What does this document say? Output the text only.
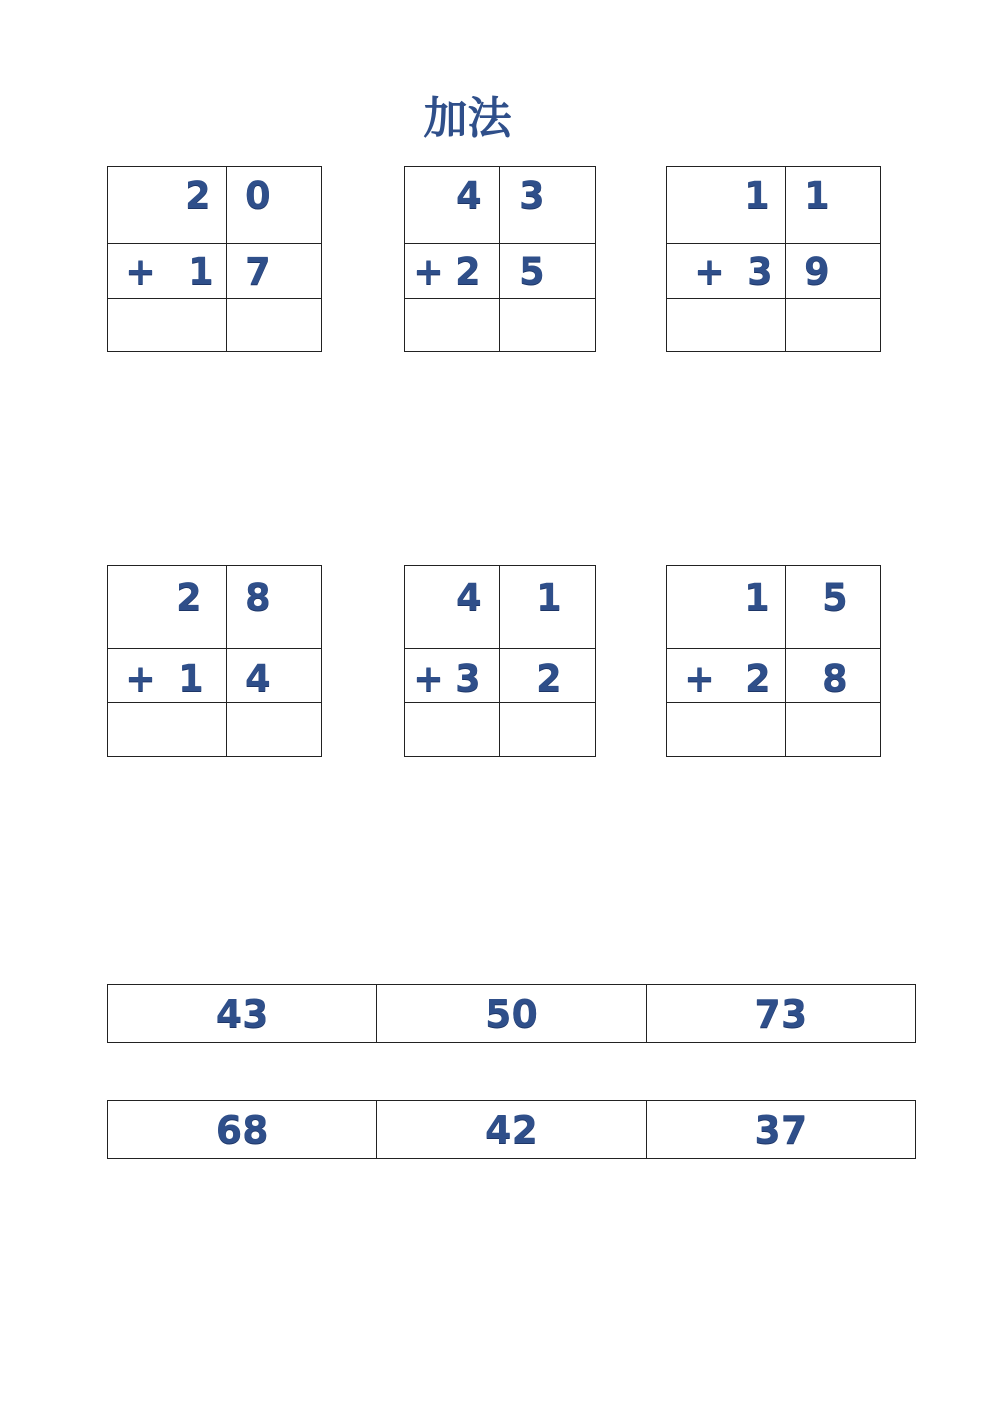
加法
2 0
+ 1 7
4 3
+ 2 5
1 1
+ 3 9
2 8
+ 1 4
4 1
+ 3 2
1 5
+ 2 8
43	50	73
68	42	37
